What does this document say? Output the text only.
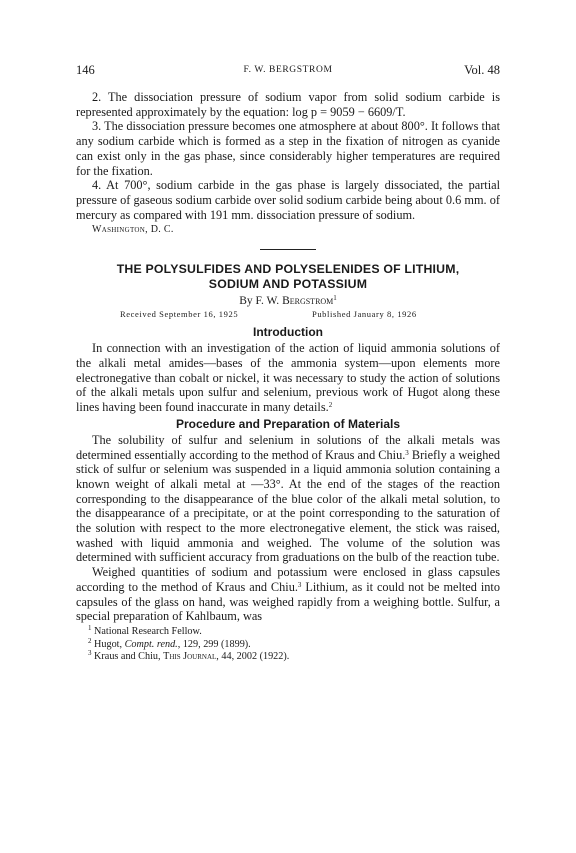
146	F. W. BERGSTROM	Vol. 48

2. The dissociation pressure of sodium vapor from solid sodium carbide is represented approximately by the equation: log p = 9059 − 6609/T.

3. The dissociation pressure becomes one atmosphere at about 800°. It follows that any sodium carbide which is formed as a step in the fixation of nitrogen as cyanide can exist only in the gas phase, since considerably higher temperatures are required for the fixation.

4. At 700°, sodium carbide in the gas phase is largely dissociated, the partial pressure of gaseous sodium carbide over solid sodium carbide being about 0.6 mm. of mercury as compared with 191 mm. dissociation pressure of sodium.

Washington, D. C.

THE POLYSULFIDES AND POLYSELENIDES OF LITHIUM,

SODIUM AND POTASSIUM

By F. W. Bergstrom$^1$

Received September 16, 1925	Published January 8, 1926

Introduction

In connection with an investigation of the action of liquid ammonia solutions of the alkali metal amides—bases of the ammonia system—upon elements more electronegative than cobalt or nickel, it was necessary to study the action of solutions of the alkali metals upon sulfur and selenium, previous work of Hugot along these lines having been found inaccurate in many details.$^2$

Procedure and Preparation of Materials

The solubility of sulfur and selenium in solutions of the alkali metals was determined essentially according to the method of Kraus and Chiu.$^3$ Briefly a weighed stick of sulfur or selenium was suspended in a liquid ammonia solution containing a known weight of alkali metal at —33°. At the end of the stages of the reaction corresponding to the disappearance of the blue color of the alkali metal solution, to the disappearance of a precipitate, or at the point corresponding to the saturation of the solution with respect to the more electronegative element, the stick was raised, washed with liquid ammonia and weighed. The volume of the solution was determined with sufficient accuracy from graduations on the bulb of the reaction tube.

Weighed quantities of sodium and potassium were enclosed in glass capsules according to the method of Kraus and Chiu.$^3$ Lithium, as it could not be melted into capsules of the glass on hand, was weighed rapidly from a weighing bottle. Sulfur, a special preparation of Kahlbaum, was

$^1$ National Research Fellow.

$^2$ Hugot, Compt. rend., 129, 299 (1899).

$^3$ Kraus and Chiu, This Journal, 44, 2002 (1922).
